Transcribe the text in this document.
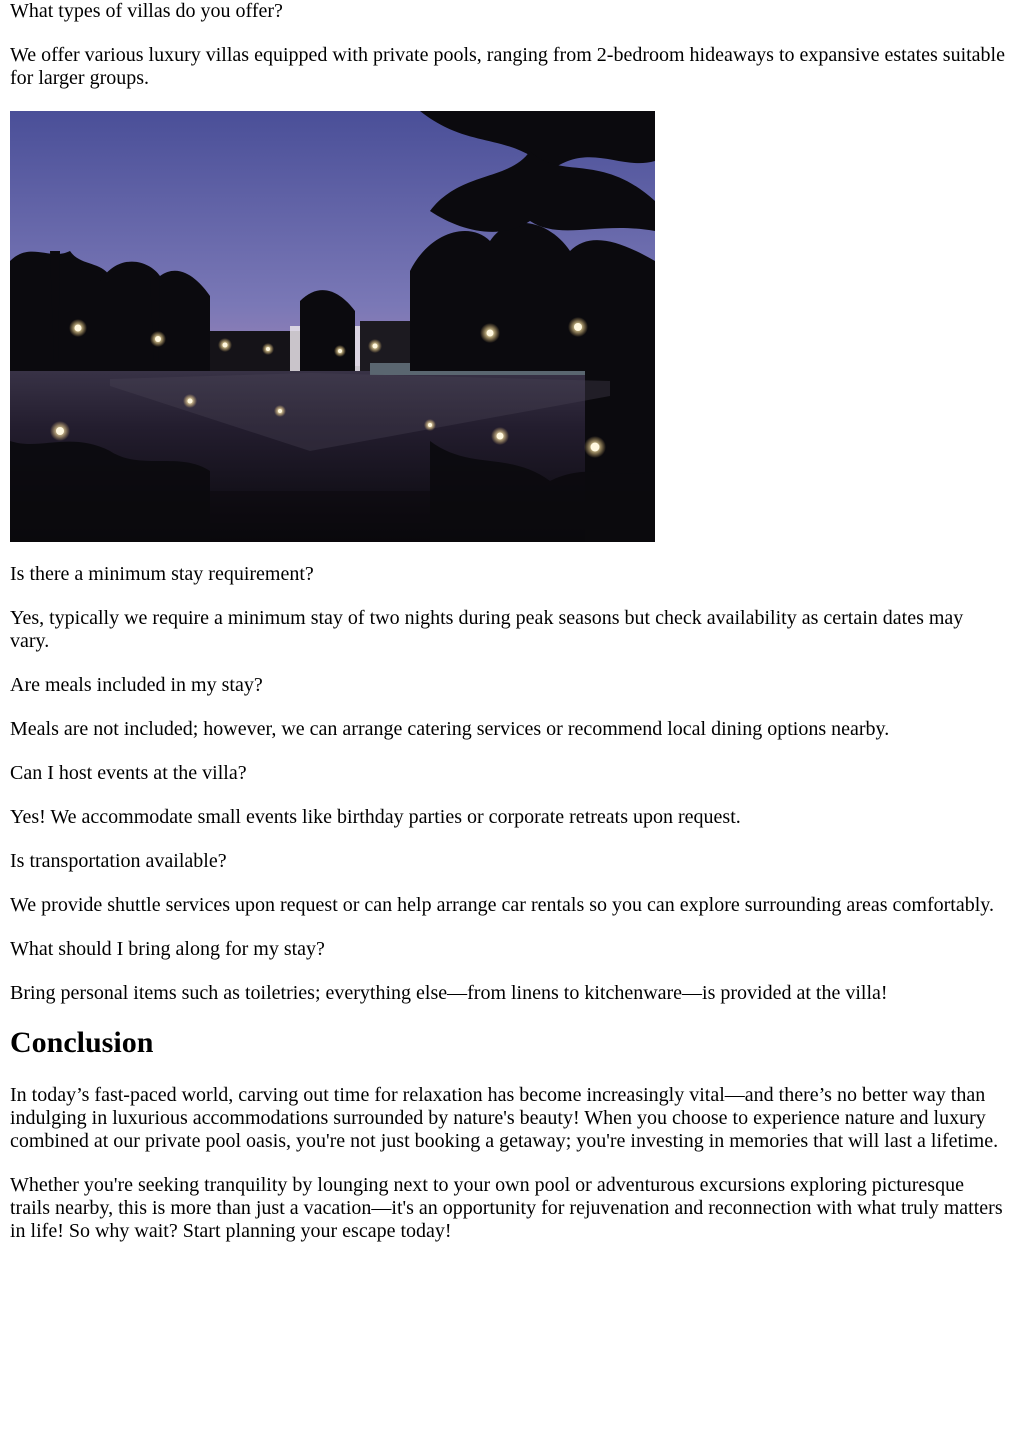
What types of villas do you offer?

We offer various luxury villas equipped with private pools, ranging from 2-bedroom hideaways to expansive estates suitable for larger groups.

Is there a minimum stay requirement?

Yes, typically we require a minimum stay of two nights during peak seasons but check availability as certain dates may vary.

Are meals included in my stay?

Meals are not included; however, we can arrange catering services or recommend local dining options nearby.

Can I host events at the villa?

Yes! We accommodate small events like birthday parties or corporate retreats upon request.

Is transportation available?

We provide shuttle services upon request or can help arrange car rentals so you can explore surrounding areas comfortably.

What should I bring along for my stay?

Bring personal items such as toiletries; everything else—from linens to kitchenware—is provided at the villa!

Conclusion

In today’s fast-paced world, carving out time for relaxation has become increasingly vital—and there’s no better way than indulging in luxurious accommodations surrounded by nature's beauty! When you choose to experience nature and luxury combined at our private pool oasis, you're not just booking a getaway; you're investing in memories that will last a lifetime.

Whether you're seeking tranquility by lounging next to your own pool or adventurous excursions exploring picturesque trails nearby, this is more than just a vacation—it's an opportunity for rejuvenation and reconnection with what truly matters in life! So why wait? Start planning your escape today!
